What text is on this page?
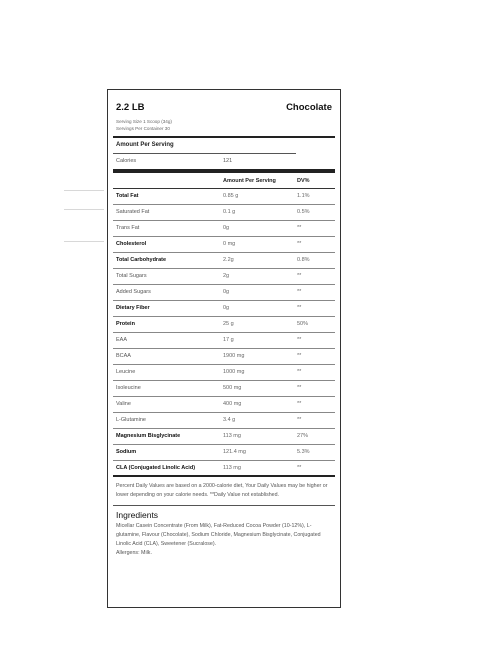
2.2 LB	Chocolate
Serving Size 1 Scoop (34g)
Servings Per Container 30
Amount Per Serving
Calories	121
Amount Per Serving	DV%
Total Fat	0.85 g	1.1%
Saturated Fat	0.1 g	0.5%
Trans Fat	0g	**
Cholesterol	0 mg	**
Total Carbohydrate	2.2g	0.8%
Total Sugars	2g	**
Added Sugars	0g	**
Dietary Fiber	0g	**
Protein	25 g	50%
EAA	17 g	**
BCAA	1900 mg	**
Leucine	1000 mg	**
Isoleucine	500 mg	**
Valine	400 mg	**
L-Glutamine	3.4 g	**
Magnesium Bisglycinate	113 mg	27%
Sodium	121.4 mg	5.3%
CLA (Conjugated Linolic Acid)	113 mg	**
Percent Daily Values are based on a 2000-calorie diet, Your Daily Values may be higher or lower depending on your calorie needs. **Daily Value not established.
Ingredients
Micellar Casein Concentrate (From Milk), Fat-Reduced Cocoa Powder (10-12%), L-glutamine, Flavour (Chocolate), Sodium Chloride, Magnesium Bisglycinate, Conjugated Linolic Acid (CLA), Sweetener (Sucralose).
Allergens: Milk.
